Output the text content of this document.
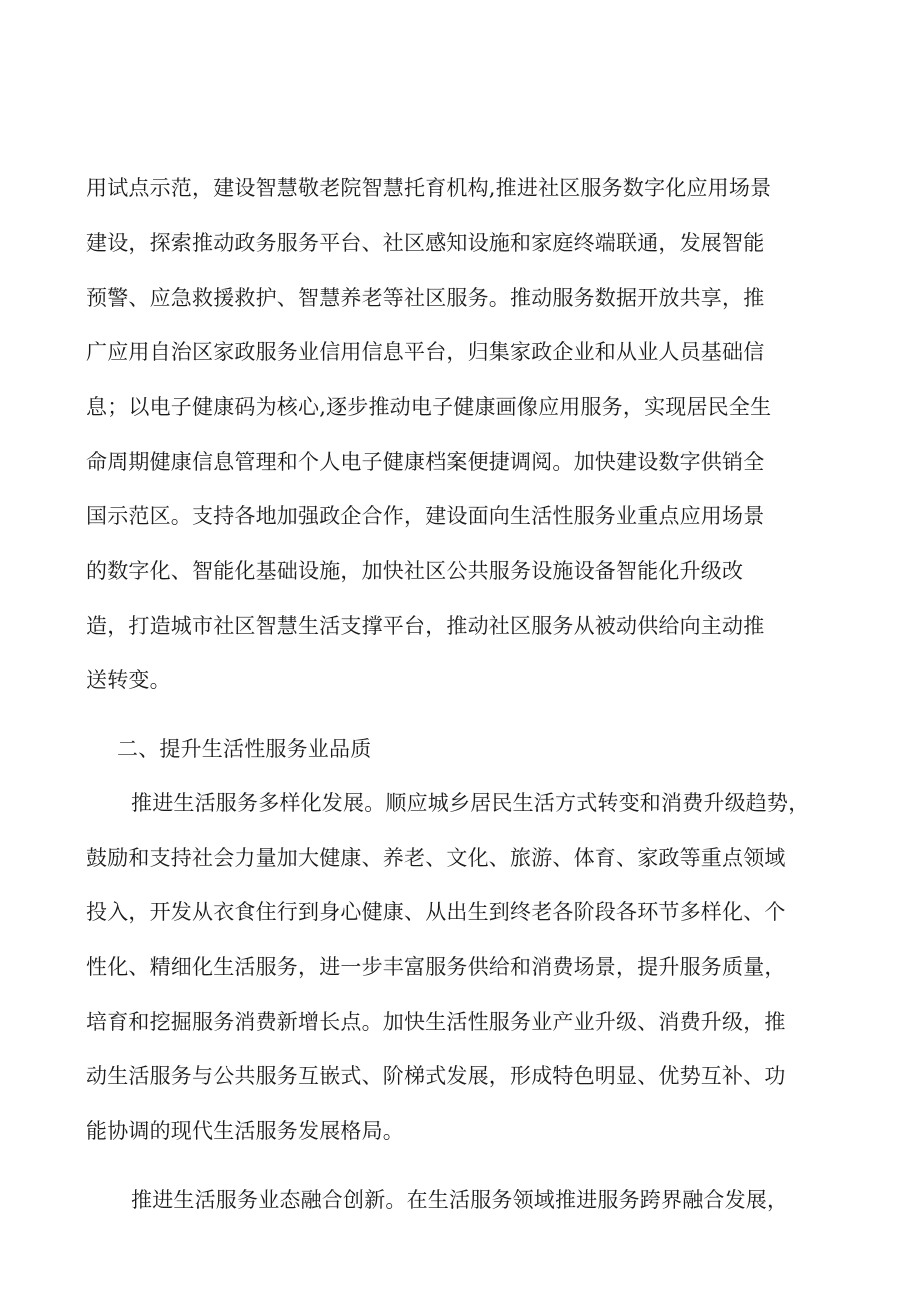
用试点示范，建设智慧敬老院智慧托育机构,推进社区服务数字化应用场景
建设，探索推动政务服务平台、社区感知设施和家庭终端联通，发展智能
预警、应急救援救护、智慧养老等社区服务。推动服务数据开放共享，推
广应用自治区家政服务业信用信息平台，归集家政企业和从业人员基础信
息；以电子健康码为核心,逐步推动电子健康画像应用服务，实现居民全生
命周期健康信息管理和个人电子健康档案便捷调阅。加快建设数字供销全
国示范区。支持各地加强政企合作，建设面向生活性服务业重点应用场景
的数字化、智能化基础设施，加快社区公共服务设施设备智能化升级改
造，打造城市社区智慧生活支撑平台，推动社区服务从被动供给向主动推
送转变。
二、提升生活性服务业品质
推进生活服务多样化发展。顺应城乡居民生活方式转变和消费升级趋势，
鼓励和支持社会力量加大健康、养老、文化、旅游、体育、家政等重点领域
投入，开发从衣食住行到身心健康、从出生到终老各阶段各环节多样化、个
性化、精细化生活服务，进一步丰富服务供给和消费场景，提升服务质量，
培育和挖掘服务消费新增长点。加快生活性服务业产业升级、消费升级，推
动生活服务与公共服务互嵌式、阶梯式发展，形成特色明显、优势互补、功
能协调的现代生活服务发展格局。
推进生活服务业态融合创新。在生活服务领域推进服务跨界融合发展，
